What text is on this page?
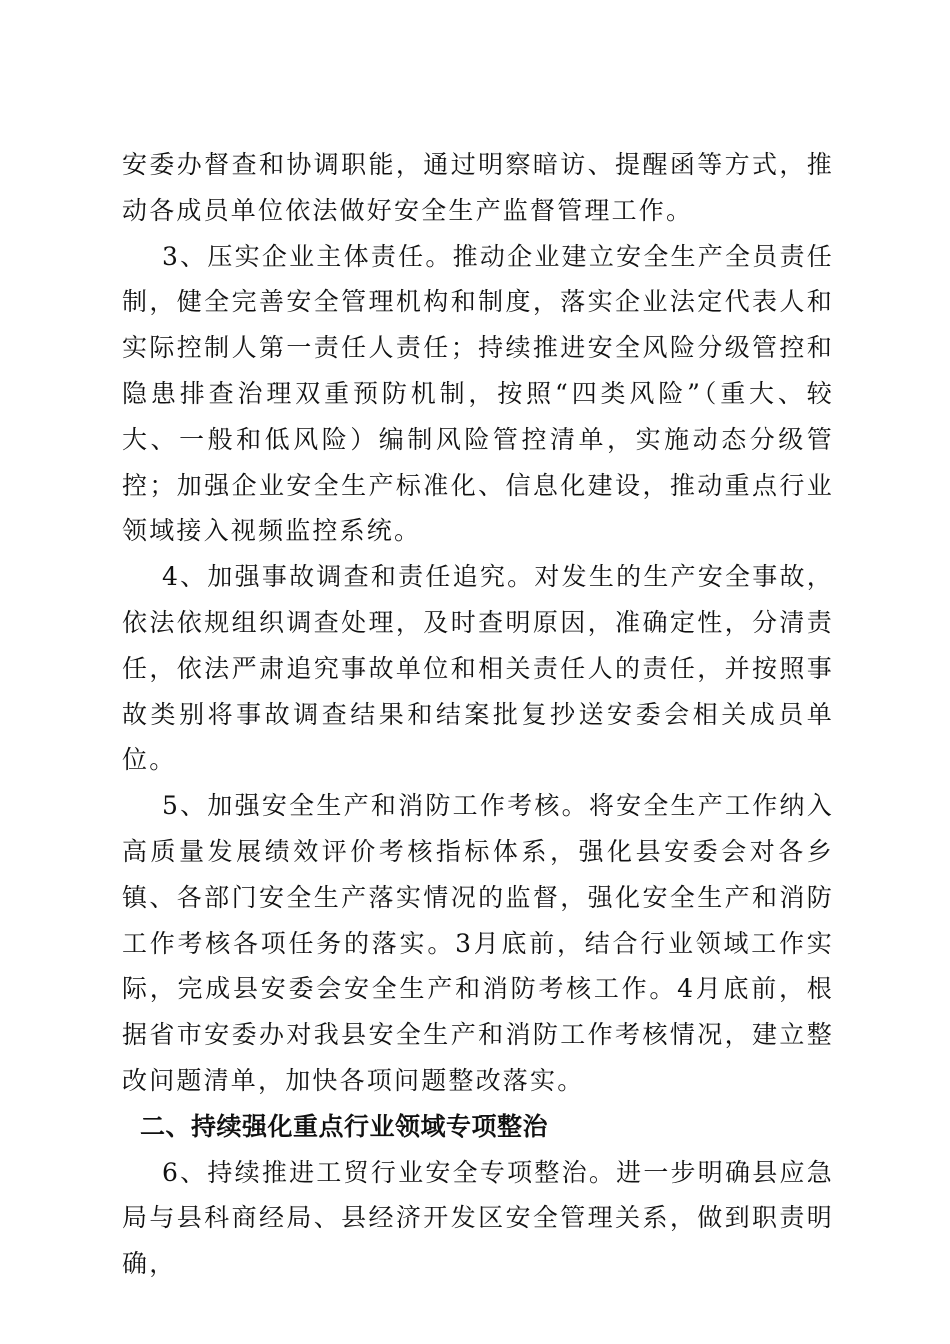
安委办督查和协调职能，通过明察暗访、提醒函等方式，推动各成员单位依法做好安全生产监督管理工作。

3、压实企业主体责任。推动企业建立安全生产全员责任制，健全完善安全管理机构和制度，落实企业法定代表人和实际控制人第一责任人责任；持续推进安全风险分级管控和隐患排查治理双重预防机制，按照“四类风险”（重大、较大、一般和低风险）编制风险管控清单，实施动态分级管控；加强企业安全生产标准化、信息化建设，推动重点行业领域接入视频监控系统。

4、加强事故调查和责任追究。对发生的生产安全事故，依法依规组织调查处理，及时查明原因，准确定性，分清责任，依法严肃追究事故单位和相关责任人的责任，并按照事故类别将事故调查结果和结案批复抄送安委会相关成员单位。

5、加强安全生产和消防工作考核。将安全生产工作纳入高质量发展绩效评价考核指标体系，强化县安委会对各乡镇、各部门安全生产落实情况的监督，强化安全生产和消防工作考核各项任务的落实。3月底前，结合行业领域工作实际，完成县安委会安全生产和消防考核工作。4月底前，根据省市安委办对我县安全生产和消防工作考核情况，建立整改问题清单，加快各项问题整改落实。

二、持续强化重点行业领域专项整治

6、持续推进工贸行业安全专项整治。进一步明确县应急局与县科商经局、县经济开发区安全管理关系，做到职责明确，
